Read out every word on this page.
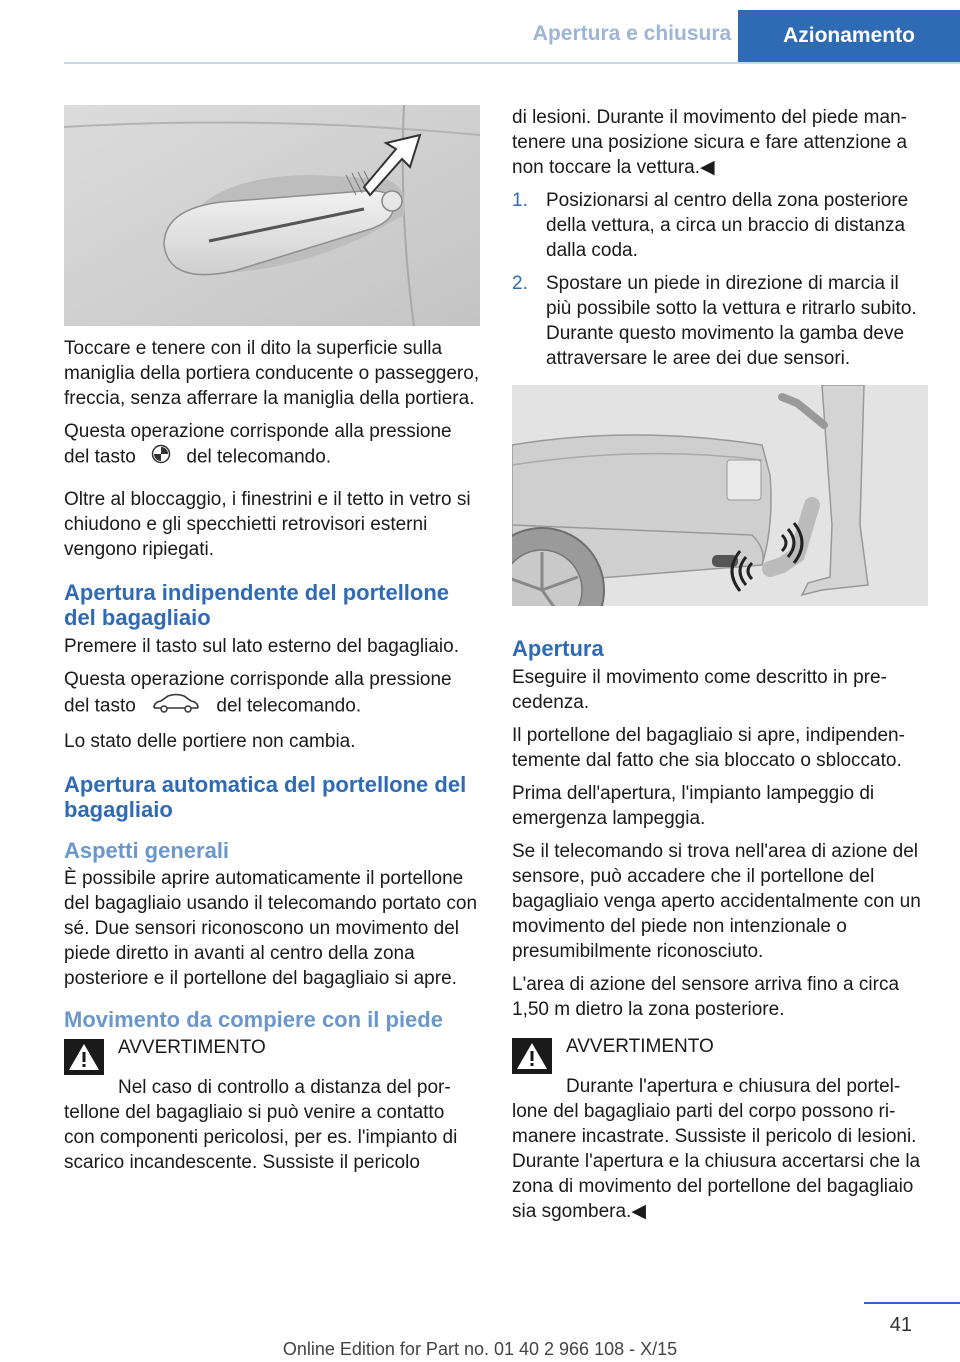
Apertura e chiusura	Azionamento

Toccare e tenere con il dito la superficie sulla maniglia della portiera conducente o passeggero, freccia, senza afferrare la maniglia della portiera.

Questa operazione corrisponde alla pressione del tasto	del telecomando.

Oltre al bloccaggio, i finestrini e il tetto in vetro si chiudono e gli specchietti retrovisori esterni vengono ripiegati.

Apertura indipendente del portellone del bagagliaio

Premere il tasto sul lato esterno del bagagliaio.

Questa operazione corrisponde alla pressione del tasto	del telecomando.

Lo stato delle portiere non cambia.

Apertura automatica del portellone del bagagliaio
Aspetti generali

È possibile aprire automaticamente il portellone del bagagliaio usando il telecomando portato con sé. Due sensori riconoscono un movimento del piede diretto in avanti al centro della zona posteriore e il portellone del bagagliaio si apre.

Movimento da compiere con il piede
AVVERTIMENTO

Nel caso di controllo a distanza del portellone del bagagliaio si può venire a contatto con componenti pericolosi, per es. l'impianto di scarico incandescente. Sussiste il pericolo

di lesioni. Durante il movimento del piede mantenere una posizione sicura e fare attenzione a non toccare la vettura.◀

1. Posizionarsi al centro della zona posteriore della vettura, a circa un braccio di distanza dalla coda.
2. Spostare un piede in direzione di marcia il più possibile sotto la vettura e ritrarlo subito. Durante questo movimento la gamba deve attraversare le aree dei due sensori.
Apertura

Eseguire il movimento come descritto in precedenza.

Il portellone del bagagliaio si apre, indipendentemente dal fatto che sia bloccato o sbloccato.

Prima dell'apertura, l'impianto lampeggio di emergenza lampeggia.

Se il telecomando si trova nell'area di azione del sensore, può accadere che il portellone del bagagliaio venga aperto accidentalmente con un movimento del piede non intenzionale o presumibilmente riconosciuto.

L'area di azione del sensore arriva fino a circa 1,50 m dietro la zona posteriore.

AVVERTIMENTO

Durante l'apertura e chiusura del portellone del bagagliaio parti del corpo possono rimanere incastrate. Sussiste il pericolo di lesioni. Durante l'apertura e la chiusura accertarsi che la zona di movimento del portellone del bagagliaio sia sgombera.◀

41
Online Edition for Part no. 01 40 2 966 108 - X/15
